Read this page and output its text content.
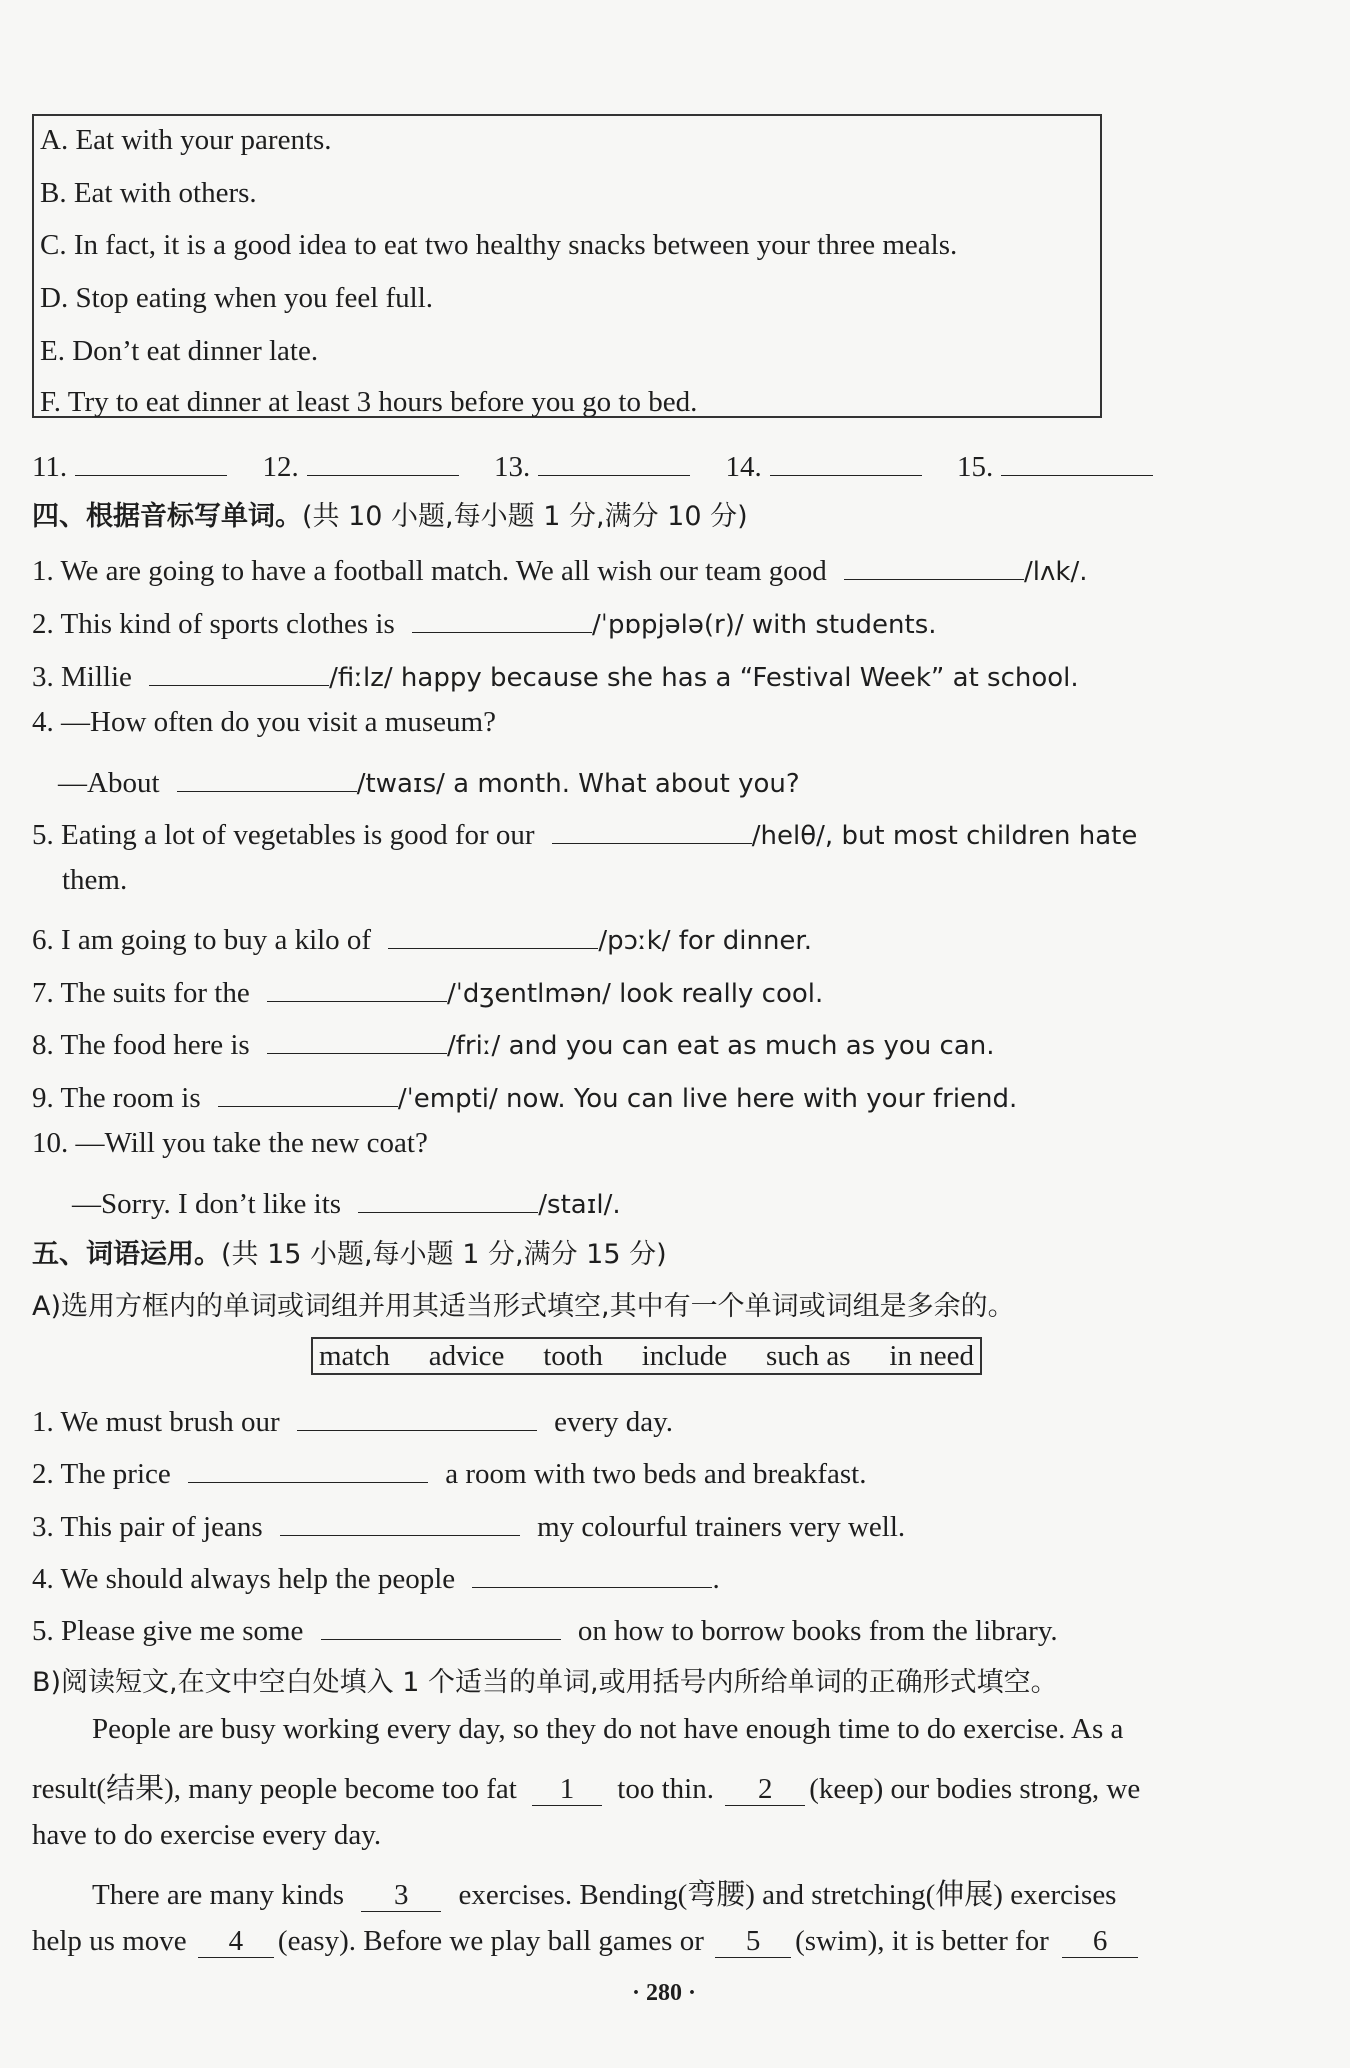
A. Eat with your parents.
B. Eat with others.
C. In fact, it is a good idea to eat two healthy snacks between your three meals.
D. Stop eating when you feel full.
E. Don’t eat dinner late.
F. Try to eat dinner at least 3 hours before you go to bed.
11.	12.	13.	14.	15.
四、根据音标写单词。(共 10 小题,每小题 1 分,满分 10 分)
1. We are going to have a football match. We all wish our team good	/lʌk/.
2. This kind of sports clothes is	/ˈpɒpjələ(r)/ with students.
3. Millie	/fiːlz/ happy because she has a “Festival Week” at school.
4. —How often do you visit a museum?
—About	/twaɪs/ a month. What about you?
5. Eating a lot of vegetables is good for our	/helθ/, but most children hate
them.
6. I am going to buy a kilo of	/pɔːk/ for dinner.
7. The suits for the	/ˈdʒentlmən/ look really cool.
8. The food here is	/friː/ and you can eat as much as you can.
9. The room is	/ˈempti/ now. You can live here with your friend.
10. —Will you take the new coat?
—Sorry. I don’t like its	/staɪl/.
五、词语运用。(共 15 小题,每小题 1 分,满分 15 分)
A)选用方框内的单词或词组并用其适当形式填空,其中有一个单词或词组是多余的。
match advice tooth include such as in need
1. We must brush our	every day.
2. The price	a room with two beds and breakfast.
3. This pair of jeans	my colourful trainers very well.
4. We should always help the people	.
5. Please give me some	on how to borrow books from the library.
B)阅读短文,在文中空白处填入 1 个适当的单词,或用括号内所给单词的正确形式填空。
People are busy working every day, so they do not have enough time to do exercise. As a
result(结果), many people become too fat 1 too thin. 2 (keep) our bodies strong, we
have to do exercise every day.
There are many kinds 3 exercises. Bending(弯腰) and stretching(伸展) exercises
help us move 4 (easy). Before we play ball games or 5 (swim), it is better for 6
· 280 ·
